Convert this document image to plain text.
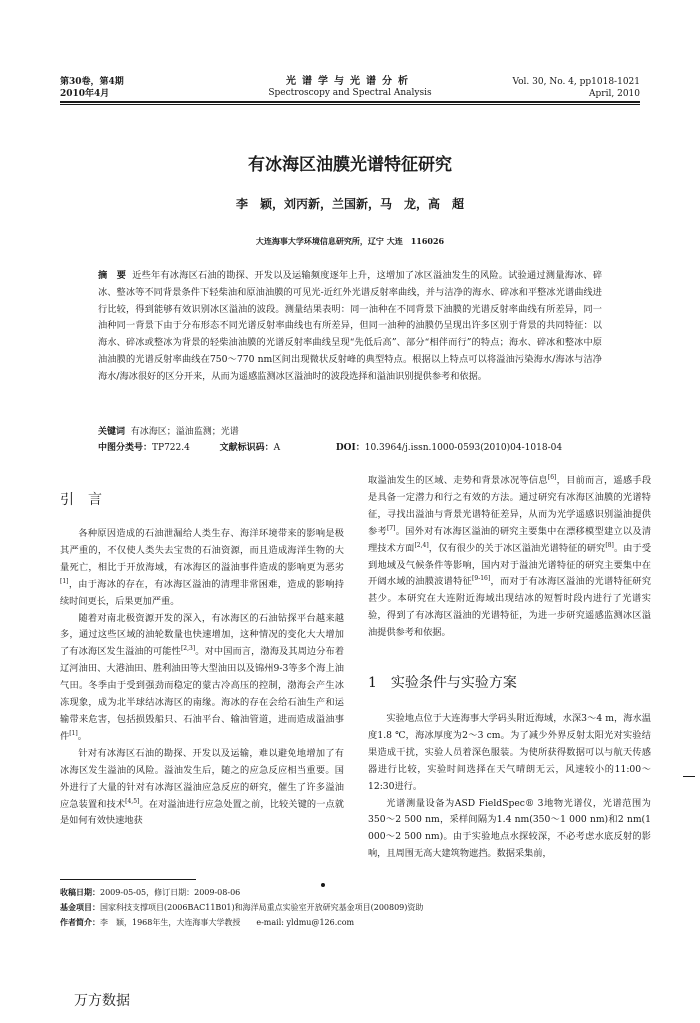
第30卷，第4期
2010年4月
光谱学与光谱分析
Spectroscopy and Spectral Analysis
Vol. 30, No. 4, pp1018-1021
April, 2010
有冰海区油膜光谱特征研究
李　颖，刘丙新，兰国新，马　龙，高　超
大连海事大学环境信息研究所，辽宁 大连　116026
摘　要 近些年有冰海区石油的勘探、开发以及运输频度逐年上升，这增加了冰区溢油发生的风险。试验通过测量海冰、碎冰、整冰等不同背景条件下轻柴油和原油油膜的可见光-近红外光谱反射率曲线，并与洁净的海水、碎冰和平整冰光谱曲线进行比较，得到能够有效识别冰区溢油的波段。测量结果表明：同一油种在不同背景下油膜的光谱反射率曲线有所差异，同一油种同一背景下由于分布形态不同光谱反射率曲线也有所差异，但同一油种的油膜仍呈现出许多区别于背景的共同特征：以海水、碎冰或整冰为背景的轻柴油油膜的光谱反射率曲线呈现“先低后高”、部分“相伴而行”的特点；海水、碎冰和整冰中原油油膜的光谱反射率曲线在750～770 nm区间出现微状反射峰的典型特点。根据以上特点可以将溢油污染海水/海冰与洁净海水/海冰很好的区分开来，从而为遥感监测冰区溢油时的波段选择和溢油识别提供参考和依据。
关键词 有冰海区；溢油监测；光谱
中图分类号：TP722.4	文献标识码：A	DOI：10.3964/j.issn.1000-0593(2010)04-1018-04
引　言

各种原因造成的石油泄漏给人类生存、海洋环境带来的影响是极其严重的，不仅使人类失去宝贵的石油资源，而且造成海洋生物的大量死亡，相比于开放海域，有冰海区的溢油事件造成的影响更为恶劣[1]，由于海冰的存在，有冰海区溢油的清理非常困难，造成的影响持续时间更长，后果更加严重。

随着对南北极资源开发的深入，有冰海区的石油钻探平台越来越多，通过这些区域的油轮数量也快速增加，这种情况的变化大大增加了有冰海区发生溢油的可能性[2,3]。对中国而言，渤海及其周边分布着辽河油田、大港油田、胜利油田等大型油田以及锦州9-3等多个海上油气田。冬季由于受到强劲而稳定的蒙古冷高压的控制，渤海会产生冰冻现象，成为北半球结冰海区的南缘。海冰的存在会给石油生产和运输带来危害，包括损毁船只、石油平台、输油管道，进而造成溢油事件[1]。

针对有冰海区石油的勘探、开发以及运输，难以避免地增加了有冰海区发生溢油的风险。溢油发生后，随之的应急反应相当重要。国外进行了大量的针对有冰海区溢油应急反应的研究，催生了许多溢油应急装置和技术[4,5]。在对溢油进行应急处置之前，比较关键的一点就是如何有效快速地获

取溢油发生的区域、走势和背景冰况等信息[6]，目前而言，遥感手段是具备一定潜力和行之有效的方法。通过研究有冰海区油膜的光谱特征，寻找出溢油与背景光谱特征差异，从而为光学遥感识别溢油提供参考[7]。国外对有冰海区溢油的研究主要集中在漂移模型建立以及清理技术方面[2,4]，仅有很少的关于冰区溢油光谱特征的研究[8]。由于受到地域及气候条件等影响，国内对于溢油光谱特征的研究主要集中在开阔水域的油膜波谱特征[9-16]，而对于有冰海区溢油的光谱特征研究甚少。本研究在大连附近海域出现结冰的短暂时段内进行了光谱实验，得到了有冰海区溢油的光谱特征，为进一步研究遥感监测冰区溢油提供参考和依据。

1　实验条件与实验方案

实验地点位于大连海事大学码头附近海域，水深3～4 m，海水温度1.8 ℃，海冰厚度为2～3 cm。为了减少外界反射太阳光对实验结果造成干扰，实验人员着深色服装。为使所获得数据可以与航天传感器进行比较，实验时间选择在天气晴朗无云，风速较小的11:00～12:30进行。

光谱测量设备为ASD FieldSpec® 3地物光谱仪，光谱范围为350～2 500 nm，采样间隔为1.4 nm(350～1 000 nm)和2 nm(1 000～2 500 nm)。由于实验地点水探较深，不必考虑水底反射的影响，且周围无高大建筑物遮挡。数据采集前，

收稿日期：2009-05-05，修订日期：2009-08-06
基金项目：国家科技支撑项目(2006BAC11B01)和海洋局重点实验室开放研究基金项目(200809)资助
作者简介：李　颖，1968年生，大连海事大学教授　　e-mail: yldmu@126.com
万方数据
